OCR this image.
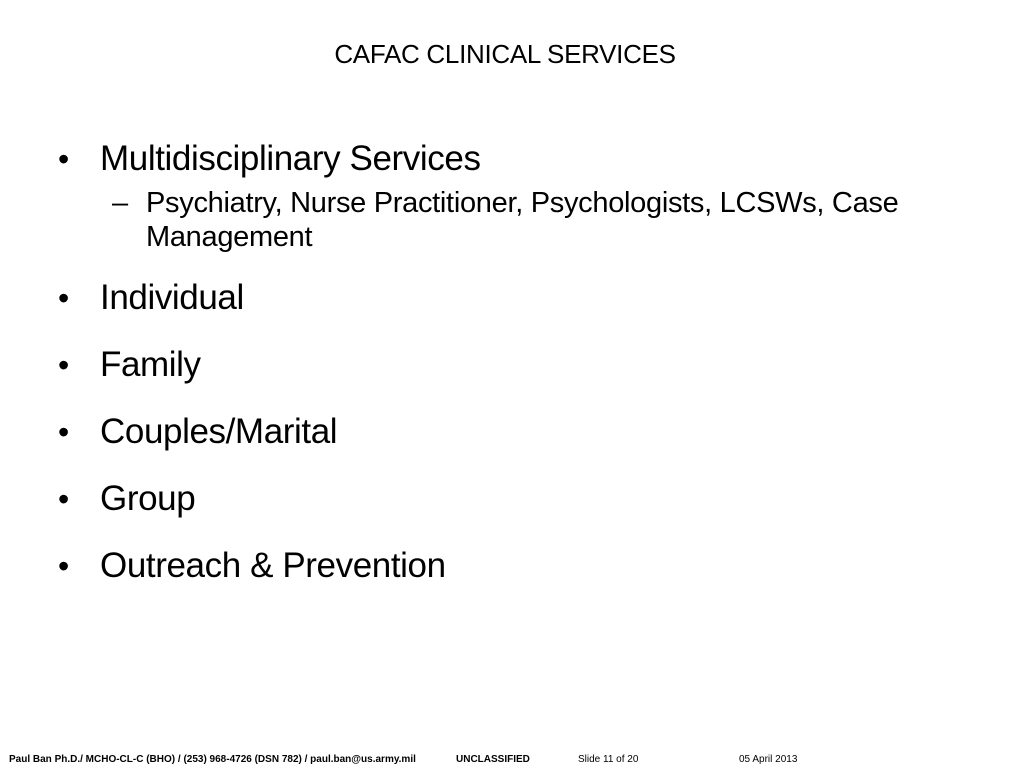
CAFAC CLINICAL SERVICES
• Multidisciplinary Services
– Psychiatry, Nurse Practitioner, Psychologists, LCSWs, Case Management
• Individual
• Family
• Couples/Marital
• Group
• Outreach & Prevention
Paul Ban Ph.D./ MCHO-CL-C (BHO) / (253) 968-4726 (DSN 782) / paul.ban@us.army.mil	UNCLASSIFIED	Slide 11 of 20	05 April 2013
